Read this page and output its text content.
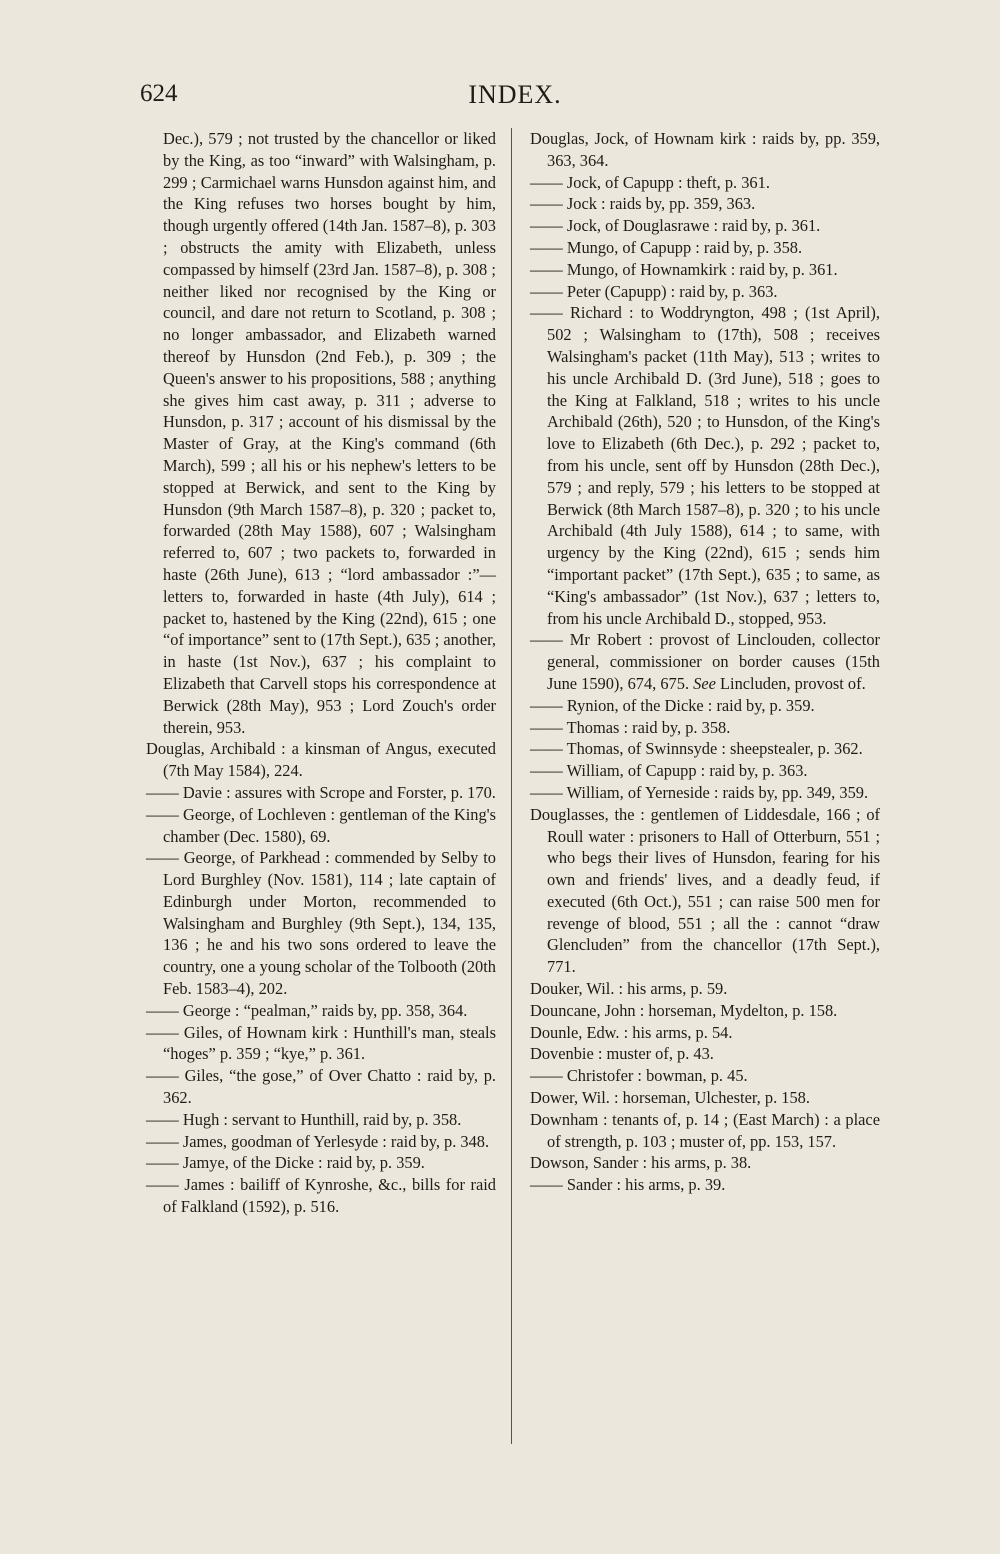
624	INDEX.

Dec.), 579 ; not trusted by the chancellor or liked by the King, as too “inward” with Walsingham, p. 299 ; Carmichael warns Hunsdon against him, and the King refuses two horses bought by him, though urgently offered (14th Jan. 1587–8), p. 303 ; obstructs the amity with Elizabeth, unless compassed by himself (23rd Jan. 1587–8), p. 308 ; neither liked nor recognised by the King or council, and dare not return to Scotland, p. 308 ; no longer ambassador, and Elizabeth warned thereof by Hunsdon (2nd Feb.), p. 309 ; the Queen's answer to his propositions, 588 ; anything she gives him cast away, p. 311 ; adverse to Hunsdon, p. 317 ; account of his dismissal by the Master of Gray, at the King's command (6th March), 599 ; all his or his nephew's letters to be stopped at Berwick, and sent to the King by Hunsdon (9th March 1587–8), p. 320 ; packet to, forwarded (28th May 1588), 607 ; Walsingham referred to, 607 ; two packets to, forwarded in haste (26th June), 613 ; “lord ambassador :”—letters to, forwarded in haste (4th July), 614 ; packet to, hastened by the King (22nd), 615 ; one “of importance” sent to (17th Sept.), 635 ; another, in haste (1st Nov.), 637 ; his complaint to Elizabeth that Carvell stops his correspondence at Berwick (28th May), 953 ; Lord Zouch's order therein, 953.

Douglas, Archibald : a kinsman of Angus, executed (7th May 1584), 224.

—— Davie : assures with Scrope and Forster, p. 170.

—— George, of Lochleven : gentleman of the King's chamber (Dec. 1580), 69.

—— George, of Parkhead : commended by Selby to Lord Burghley (Nov. 1581), 114 ; late captain of Edinburgh under Morton, recommended to Walsingham and Burghley (9th Sept.), 134, 135, 136 ; he and his two sons ordered to leave the country, one a young scholar of the Tolbooth (20th Feb. 1583–4), 202.

—— George : “pealman,” raids by, pp. 358, 364.

—— Giles, of Hownam kirk : Hunthill's man, steals “hoges” p. 359 ; “kye,” p. 361.

—— Giles, “the gose,” of Over Chatto : raid by, p. 362.

—— Hugh : servant to Hunthill, raid by, p. 358.

—— James, goodman of Yerlesyde : raid by, p. 348.

—— Jamye, of the Dicke : raid by, p. 359.

—— James : bailiff of Kynroshe, &c., bills for raid of Falkland (1592), p. 516.

Douglas, Jock, of Hownam kirk : raids by, pp. 359, 363, 364.

—— Jock, of Capupp : theft, p. 361.

—— Jock : raids by, pp. 359, 363.

—— Jock, of Douglasrawe : raid by, p. 361.

—— Mungo, of Capupp : raid by, p. 358.

—— Mungo, of Hownamkirk : raid by, p. 361.

—— Peter (Capupp) : raid by, p. 363.

—— Richard : to Woddryngton, 498 ; (1st April), 502 ; Walsingham to (17th), 508 ; receives Walsingham's packet (11th May), 513 ; writes to his uncle Archibald D. (3rd June), 518 ; goes to the King at Falkland, 518 ; writes to his uncle Archibald (26th), 520 ; to Hunsdon, of the King's love to Elizabeth (6th Dec.), p. 292 ; packet to, from his uncle, sent off by Hunsdon (28th Dec.), 579 ; and reply, 579 ; his letters to be stopped at Berwick (8th March 1587–8), p. 320 ; to his uncle Archibald (4th July 1588), 614 ; to same, with urgency by the King (22nd), 615 ; sends him “important packet” (17th Sept.), 635 ; to same, as “King's ambassador” (1st Nov.), 637 ; letters to, from his uncle Archibald D., stopped, 953.

—— Mr Robert : provost of Linclouden, collector general, commissioner on border causes (15th June 1590), 674, 675. See Lincluden, provost of.

—— Rynion, of the Dicke : raid by, p. 359.

—— Thomas : raid by, p. 358.

—— Thomas, of Swinnsyde : sheepstealer, p. 362.

—— William, of Capupp : raid by, p. 363.

—— William, of Yerneside : raids by, pp. 349, 359.

Douglasses, the : gentlemen of Liddesdale, 166 ; of Roull water : prisoners to Hall of Otterburn, 551 ; who begs their lives of Hunsdon, fearing for his own and friends' lives, and a deadly feud, if executed (6th Oct.), 551 ; can raise 500 men for revenge of blood, 551 ; all the : cannot “draw Glencluden” from the chancellor (17th Sept.), 771.

Douker, Wil. : his arms, p. 59.

Douncane, John : horseman, Mydelton, p. 158.

Dounle, Edw. : his arms, p. 54.

Dovenbie : muster of, p. 43.

—— Christofer : bowman, p. 45.

Dower, Wil. : horseman, Ulchester, p. 158.

Downham : tenants of, p. 14 ; (East March) : a place of strength, p. 103 ; muster of, pp. 153, 157.

Dowson, Sander : his arms, p. 38.

—— Sander : his arms, p. 39.
